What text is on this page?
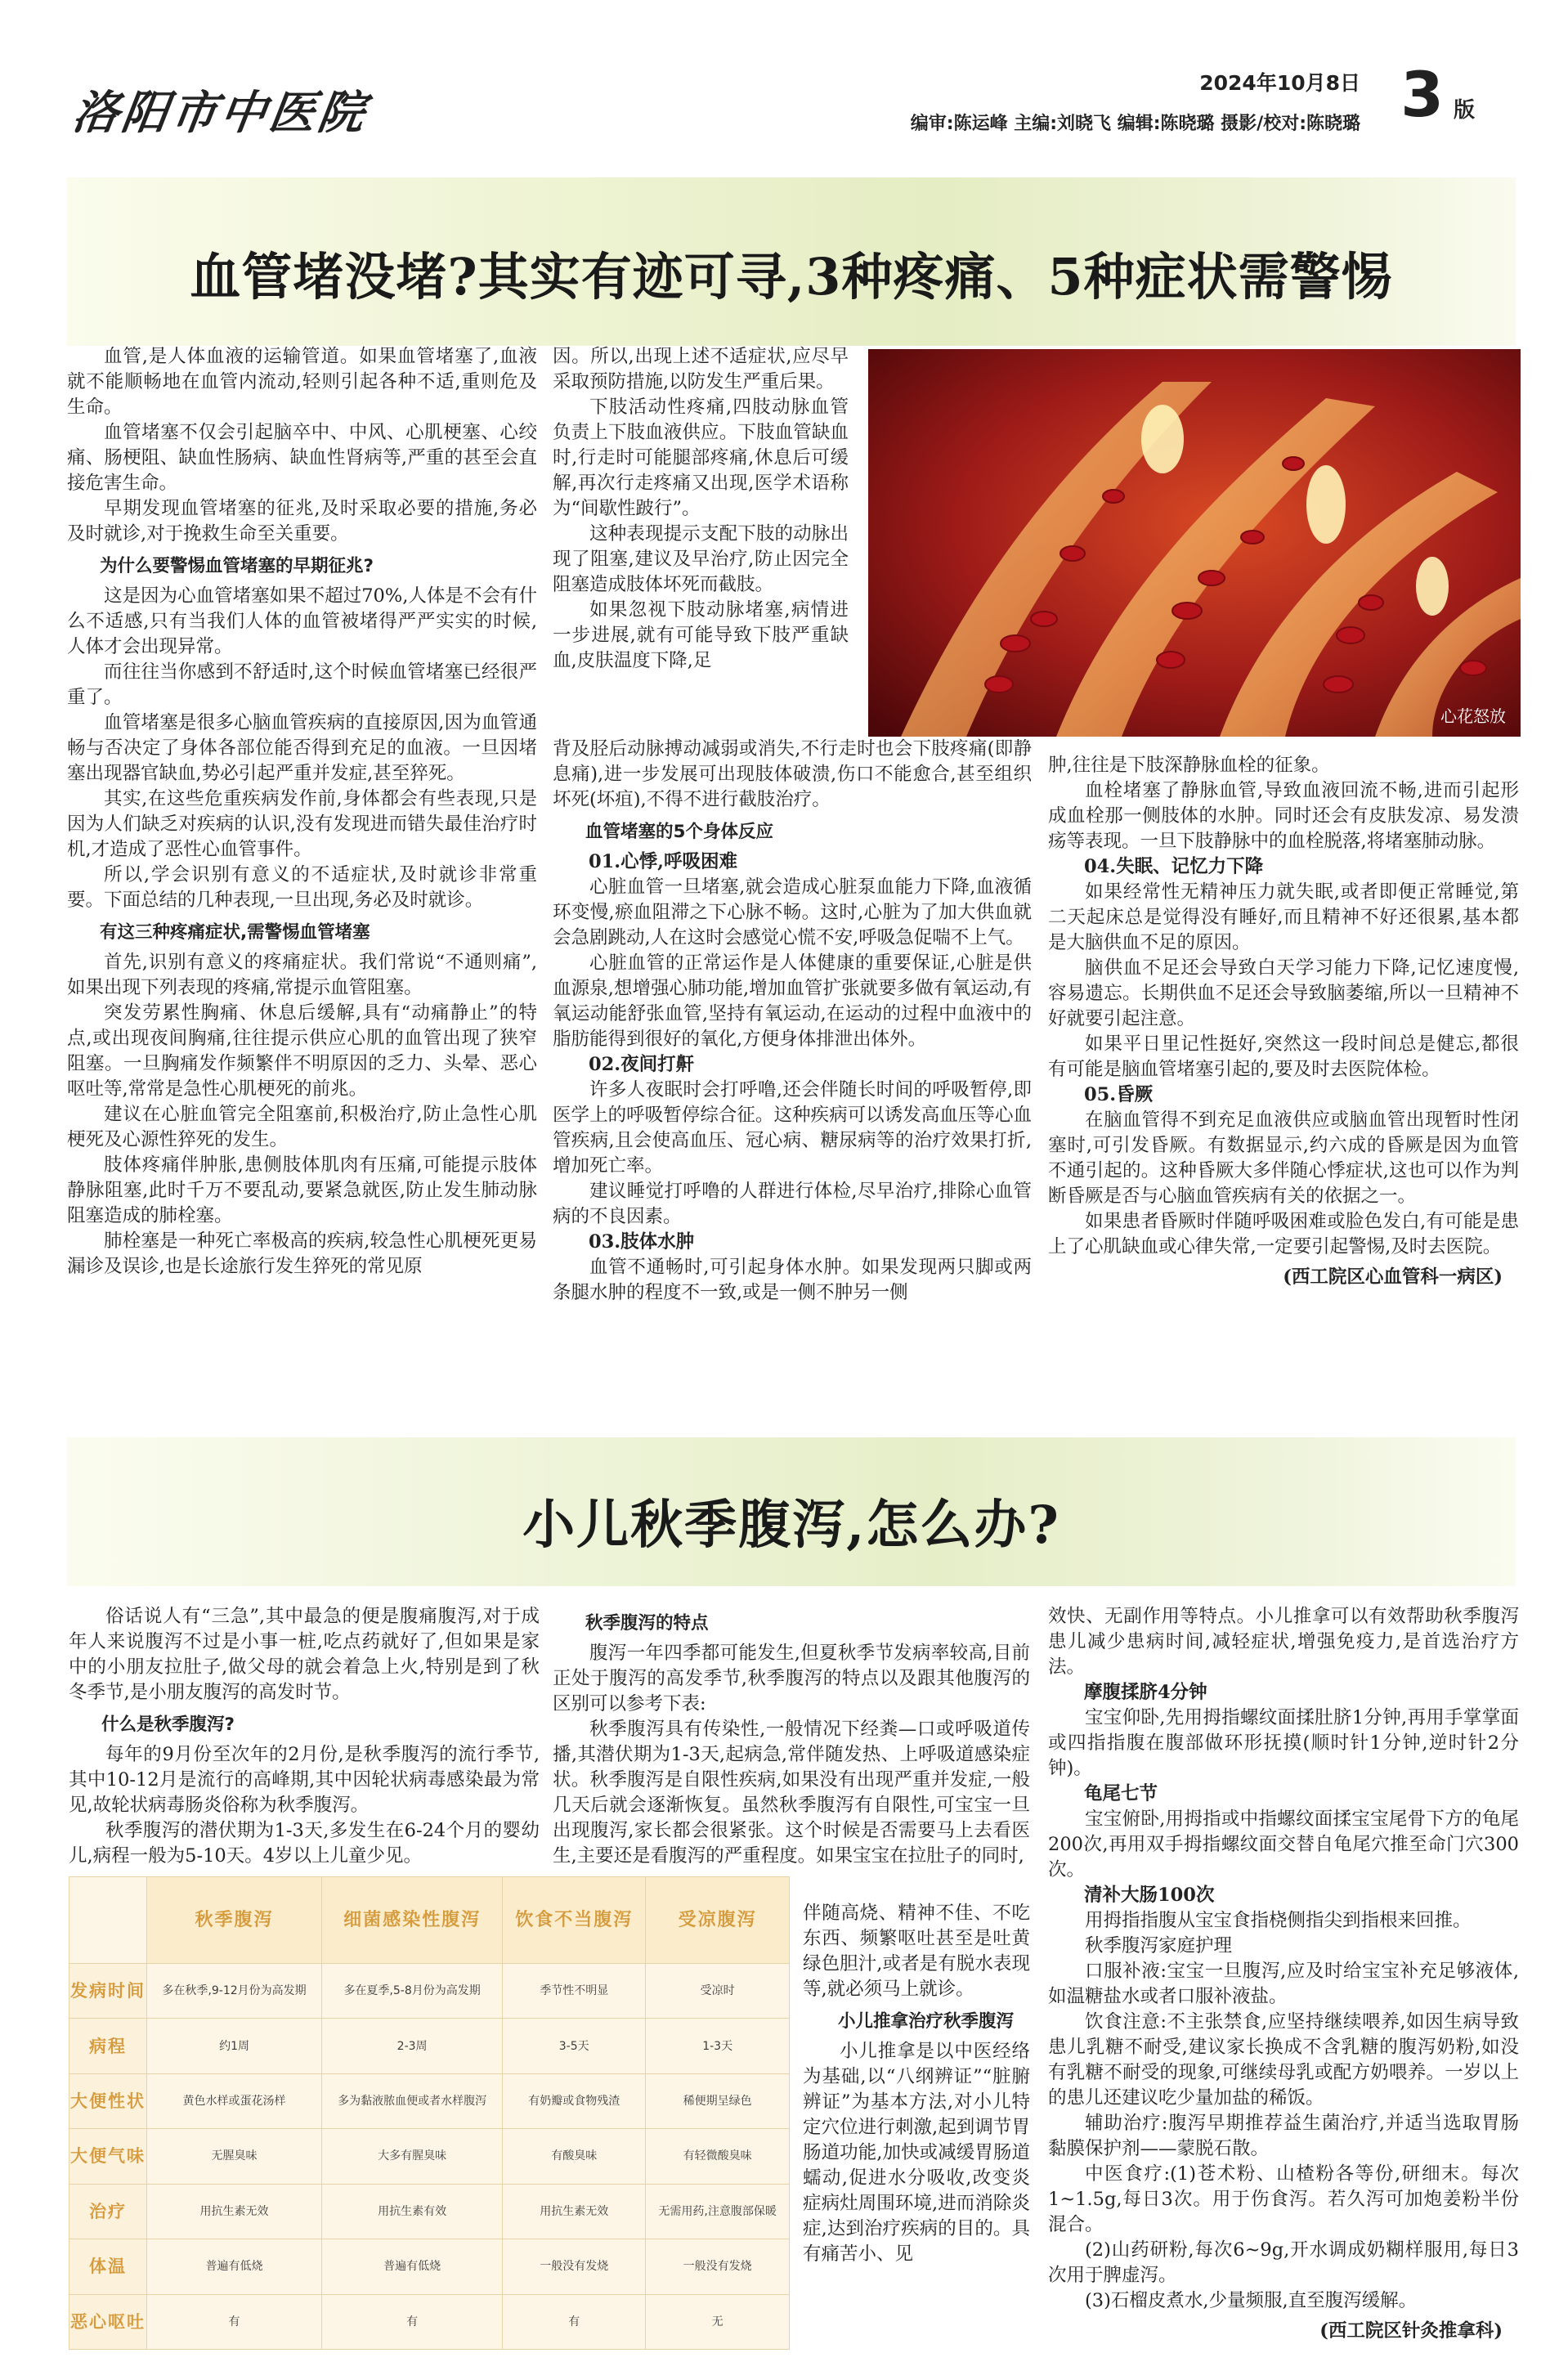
洛阳市中医院
2024年10月8日 3 版
编审:陈运峰 主编:刘晓飞 编辑:陈晓璐 摄影/校对:陈晓璐
血管堵没堵?其实有迹可寻,3种疼痛、5种症状需警惕

血管,是人体血液的运输管道。如果血管堵塞了,血液就不能顺畅地在血管内流动,轻则引起各种不适,重则危及生命。

血管堵塞不仅会引起脑卒中、中风、心肌梗塞、心绞痛、肠梗阻、缺血性肠病、缺血性肾病等,严重的甚至会直接危害生命。

早期发现血管堵塞的征兆,及时采取必要的措施,务必及时就诊,对于挽救生命至关重要。

为什么要警惕血管堵塞的早期征兆?

这是因为心血管堵塞如果不超过70%,人体是不会有什么不适感,只有当我们人体的血管被堵得严严实实的时候,人体才会出现异常。

而往往当你感到不舒适时,这个时候血管堵塞已经很严重了。

血管堵塞是很多心脑血管疾病的直接原因,因为血管通畅与否决定了身体各部位能否得到充足的血液。一旦因堵塞出现器官缺血,势必引起严重并发症,甚至猝死。

其实,在这些危重疾病发作前,身体都会有些表现,只是因为人们缺乏对疾病的认识,没有发现进而错失最佳治疗时机,才造成了恶性心血管事件。

所以,学会识别有意义的不适症状,及时就诊非常重要。下面总结的几种表现,一旦出现,务必及时就诊。

有这三种疼痛症状,需警惕血管堵塞

首先,识别有意义的疼痛症状。我们常说“不通则痛”,如果出现下列表现的疼痛,常提示血管阻塞。

突发劳累性胸痛、休息后缓解,具有“动痛静止”的特点,或出现夜间胸痛,往往提示供应心肌的血管出现了狭窄阻塞。一旦胸痛发作频繁伴不明原因的乏力、头晕、恶心呕吐等,常常是急性心肌梗死的前兆。

建议在心脏血管完全阻塞前,积极治疗,防止急性心肌梗死及心源性猝死的发生。

肢体疼痛伴肿胀,患侧肢体肌肉有压痛,可能提示肢体静脉阻塞,此时千万不要乱动,要紧急就医,防止发生肺动脉阻塞造成的肺栓塞。

肺栓塞是一种死亡率极高的疾病,较急性心肌梗死更易漏诊及误诊,也是长途旅行发生猝死的常见原

因。所以,出现上述不适症状,应尽早采取预防措施,以防发生严重后果。

下肢活动性疼痛,四肢动脉血管负责上下肢血液供应。下肢血管缺血时,行走时可能腿部疼痛,休息后可缓解,再次行走疼痛又出现,医学术语称为“间歇性跛行”。

这种表现提示支配下肢的动脉出现了阻塞,建议及早治疗,防止因完全阻塞造成肢体坏死而截肢。

如果忽视下肢动脉堵塞,病情进一步进展,就有可能导致下肢严重缺血,皮肤温度下降,足

心花怒放

背及胫后动脉搏动减弱或消失,不行走时也会下肢疼痛(即静息痛),进一步发展可出现肢体破溃,伤口不能愈合,甚至组织坏死(坏疽),不得不进行截肢治疗。

血管堵塞的5个身体反应

01.心悸,呼吸困难

心脏血管一旦堵塞,就会造成心脏泵血能力下降,血液循环变慢,瘀血阻滞之下心脉不畅。这时,心脏为了加大供血就会急剧跳动,人在这时会感觉心慌不安,呼吸急促喘不上气。

心脏血管的正常运作是人体健康的重要保证,心脏是供血源泉,想增强心肺功能,增加血管扩张就要多做有氧运动,有氧运动能舒张血管,坚持有氧运动,在运动的过程中血液中的脂肪能得到很好的氧化,方便身体排泄出体外。

02.夜间打鼾

许多人夜眠时会打呼噜,还会伴随长时间的呼吸暂停,即医学上的呼吸暂停综合征。这种疾病可以诱发高血压等心血管疾病,且会使高血压、冠心病、糖尿病等的治疗效果打折,增加死亡率。

建议睡觉打呼噜的人群进行体检,尽早治疗,排除心血管病的不良因素。

03.肢体水肿

血管不通畅时,可引起身体水肿。如果发现两只脚或两条腿水肿的程度不一致,或是一侧不肿另一侧

肿,往往是下肢深静脉血栓的征象。

血栓堵塞了静脉血管,导致血液回流不畅,进而引起形成血栓那一侧肢体的水肿。同时还会有皮肤发凉、易发溃疡等表现。一旦下肢静脉中的血栓脱落,将堵塞肺动脉。

04.失眠、记忆力下降

如果经常性无精神压力就失眠,或者即便正常睡觉,第二天起床总是觉得没有睡好,而且精神不好还很累,基本都是大脑供血不足的原因。

脑供血不足还会导致白天学习能力下降,记忆速度慢,容易遗忘。长期供血不足还会导致脑萎缩,所以一旦精神不好就要引起注意。

如果平日里记性挺好,突然这一段时间总是健忘,都很有可能是脑血管堵塞引起的,要及时去医院体检。

05.昏厥

在脑血管得不到充足血液供应或脑血管出现暂时性闭塞时,可引发昏厥。有数据显示,约六成的昏厥是因为血管不通引起的。这种昏厥大多伴随心悸症状,这也可以作为判断昏厥是否与心脑血管疾病有关的依据之一。

如果患者昏厥时伴随呼吸困难或脸色发白,有可能是患上了心肌缺血或心律失常,一定要引起警惕,及时去医院。

(西工院区心血管科一病区)

小儿秋季腹泻,怎么办?

俗话说人有“三急”,其中最急的便是腹痛腹泻,对于成年人来说腹泻不过是小事一桩,吃点药就好了,但如果是家中的小朋友拉肚子,做父母的就会着急上火,特别是到了秋冬季节,是小朋友腹泻的高发时节。

什么是秋季腹泻?

每年的9月份至次年的2月份,是秋季腹泻的流行季节,其中10-12月是流行的高峰期,其中因轮状病毒感染最为常见,故轮状病毒肠炎俗称为秋季腹泻。

秋季腹泻的潜伏期为1-3天,多发生在6-24个月的婴幼儿,病程一般为5-10天。4岁以上儿童少见。

秋季腹泻的特点

腹泻一年四季都可能发生,但夏秋季节发病率较高,目前正处于腹泻的高发季节,秋季腹泻的特点以及跟其他腹泻的区别可以参考下表:

秋季腹泻具有传染性,一般情况下经粪—口或呼吸道传播,其潜伏期为1-3天,起病急,常伴随发热、上呼吸道感染症状。秋季腹泻是自限性疾病,如果没有出现严重并发症,一般几天后就会逐渐恢复。虽然秋季腹泻有自限性,可宝宝一旦出现腹泻,家长都会很紧张。这个时候是否需要马上去看医生,主要还是看腹泻的严重程度。如果宝宝在拉肚子的同时,

伴随高烧、精神不佳、不吃东西、频繁呕吐甚至是吐黄绿色胆汁,或者是有脱水表现等,就必须马上就诊。

小儿推拿治疗秋季腹泻

小儿推拿是以中医经络为基础,以“八纲辨证”“脏腑辨证”为基本方法,对小儿特定穴位进行刺激,起到调节胃肠道功能,加快或减缓胃肠道蠕动,促进水分吸收,改变炎症病灶周围环境,进而消除炎症,达到治疗疾病的目的。具有痛苦小、见

效快、无副作用等特点。小儿推拿可以有效帮助秋季腹泻患儿减少患病时间,减轻症状,增强免疫力,是首选治疗方法。

摩腹揉脐4分钟

宝宝仰卧,先用拇指螺纹面揉肚脐1分钟,再用手掌掌面或四指指腹在腹部做环形抚摸(顺时针1分钟,逆时针2分钟)。

龟尾七节

宝宝俯卧,用拇指或中指螺纹面揉宝宝尾骨下方的龟尾200次,再用双手拇指螺纹面交替自龟尾穴推至命门穴300次。

清补大肠100次

用拇指指腹从宝宝食指桡侧指尖到指根来回推。

秋季腹泻家庭护理

口服补液:宝宝一旦腹泻,应及时给宝宝补充足够液体,如温糖盐水或者口服补液盐。

饮食注意:不主张禁食,应坚持继续喂养,如因生病导致患儿乳糖不耐受,建议家长换成不含乳糖的腹泻奶粉,如没有乳糖不耐受的现象,可继续母乳或配方奶喂养。一岁以上的患儿还建议吃少量加盐的稀饭。

辅助治疗:腹泻早期推荐益生菌治疗,并适当选取胃肠黏膜保护剂——蒙脱石散。

中医食疗:(1)苍术粉、山楂粉各等份,研细末。每次1~1.5g,每日3次。用于伤食泻。若久泻可加炮姜粉半份混合。

(2)山药研粉,每次6~9g,开水调成奶糊样服用,每日3次用于脾虚泻。

(3)石榴皮煮水,少量频服,直至腹泻缓解。

(西工院区针灸推拿科)

	秋季腹泻	细菌感染性腹泻	饮食不当腹泻	受凉腹泻
发病时间	多在秋季,9-12月份为高发期	多在夏季,5-8月份为高发期	季节性不明显	受凉时
病程	约1周	2-3周	3-5天	1-3天
大便性状	黄色水样或蛋花汤样	多为黏液脓血便或者水样腹泻	有奶瓣或食物残渣	稀便期呈绿色
大便气味	无腥臭味	大多有腥臭味	有酸臭味	有轻微酸臭味
治疗	用抗生素无效	用抗生素有效	用抗生素无效	无需用药,注意腹部保暖
体温	普遍有低烧	普遍有低烧	一般没有发烧	一般没有发烧
恶心呕吐	有	有	有	无
